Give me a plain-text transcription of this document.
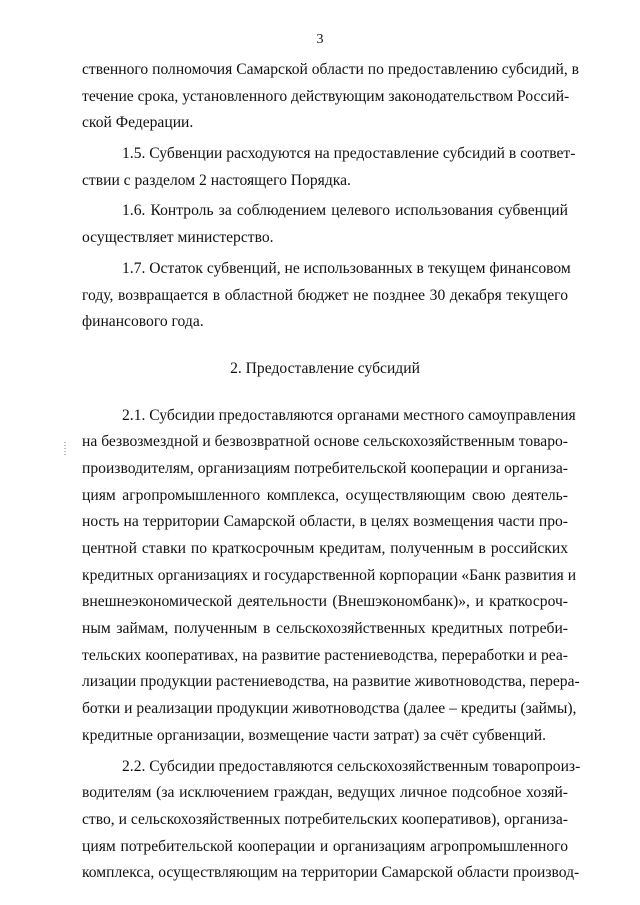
3
ственного полномочия Самарской области по предоставлению субсидий, в
течение срока, установленного действующим законодательством Россий-
ской Федерации.
1.5. Субвенции расходуются на предоставление субсидий в соответ-
ствии с разделом 2 настоящего Порядка.
1.6. Контроль за соблюдением целевого использования субвенций
осуществляет министерство.
1.7. Остаток субвенций, не использованных в текущем финансовом
году, возвращается в областной бюджет не позднее 30 декабря текущего
финансового года.
2. Предоставление субсидий
2.1. Субсидии предоставляются органами местного самоуправления
на безвозмездной и безвозвратной основе сельскохозяйственным товаро-
производителям, организациям потребительской кооперации и организа-
циям агропромышленного комплекса, осуществляющим свою деятель-
ность на территории Самарской области, в целях возмещения части про-
центной ставки по краткосрочным кредитам, полученным в российских
кредитных организациях и государственной корпорации «Банк развития и
внешнеэкономической деятельности (Внешэкономбанк)», и краткосроч-
ным займам, полученным в сельскохозяйственных кредитных потреби-
тельских кооперативах, на развитие растениеводства, переработки и реа-
лизации продукции растениеводства, на развитие животноводства, перера-
ботки и реализации продукции животноводства (далее – кредиты (займы),
кредитные организации, возмещение части затрат) за счёт субвенций.
2.2. Субсидии предоставляются сельскохозяйственным товаропроиз-
водителям (за исключением граждан, ведущих личное подсобное хозяй-
ство, и сельскохозяйственных потребительских кооперативов), организа-
циям потребительской кооперации и организациям агропромышленного
комплекса, осуществляющим на территории Самарской области производ-
